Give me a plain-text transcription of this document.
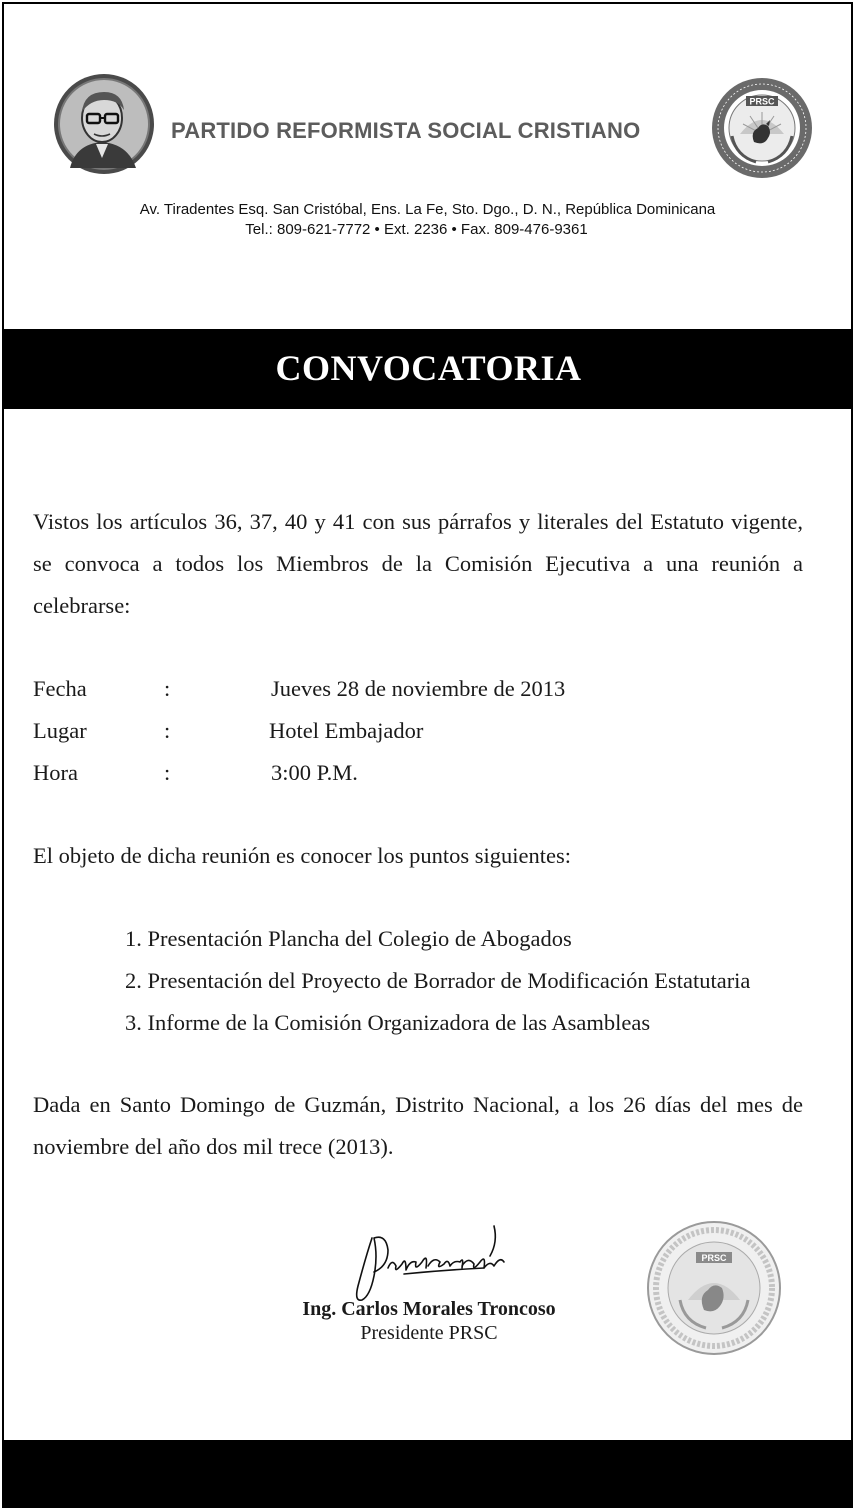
PARTIDO REFORMISTA SOCIAL CRISTIANO
PRSC
Av. Tiradentes Esq. San Cristóbal, Ens. La Fe, Sto. Dgo., D. N., República Dominicana
Tel.: 809-621-7772 • Ext. 2236 • Fax. 809-476-9361
CONVOCATORIA
Vistos los artículos 36, 37, 40 y 41 con sus párrafos y literales del Estatuto vigente, se convoca a todos los Miembros de la Comisión Ejecutiva a una reunión a celebrarse:
Fecha	:	Jueves 28 de noviembre de 2013
Lugar	:	Hotel Embajador
Hora	:	3:00 P.M.
El objeto de dicha reunión es conocer los puntos siguientes:
1. Presentación Plancha del Colegio de Abogados
2. Presentación del Proyecto de Borrador de Modificación Estatutaria
3. Informe de la Comisión Organizadora de las Asambleas
Dada en Santo Domingo de Guzmán, Distrito Nacional, a los 26 días del mes de noviembre del año dos mil trece (2013).
Ing. Carlos Morales Troncoso
Presidente PRSC
PRSC
